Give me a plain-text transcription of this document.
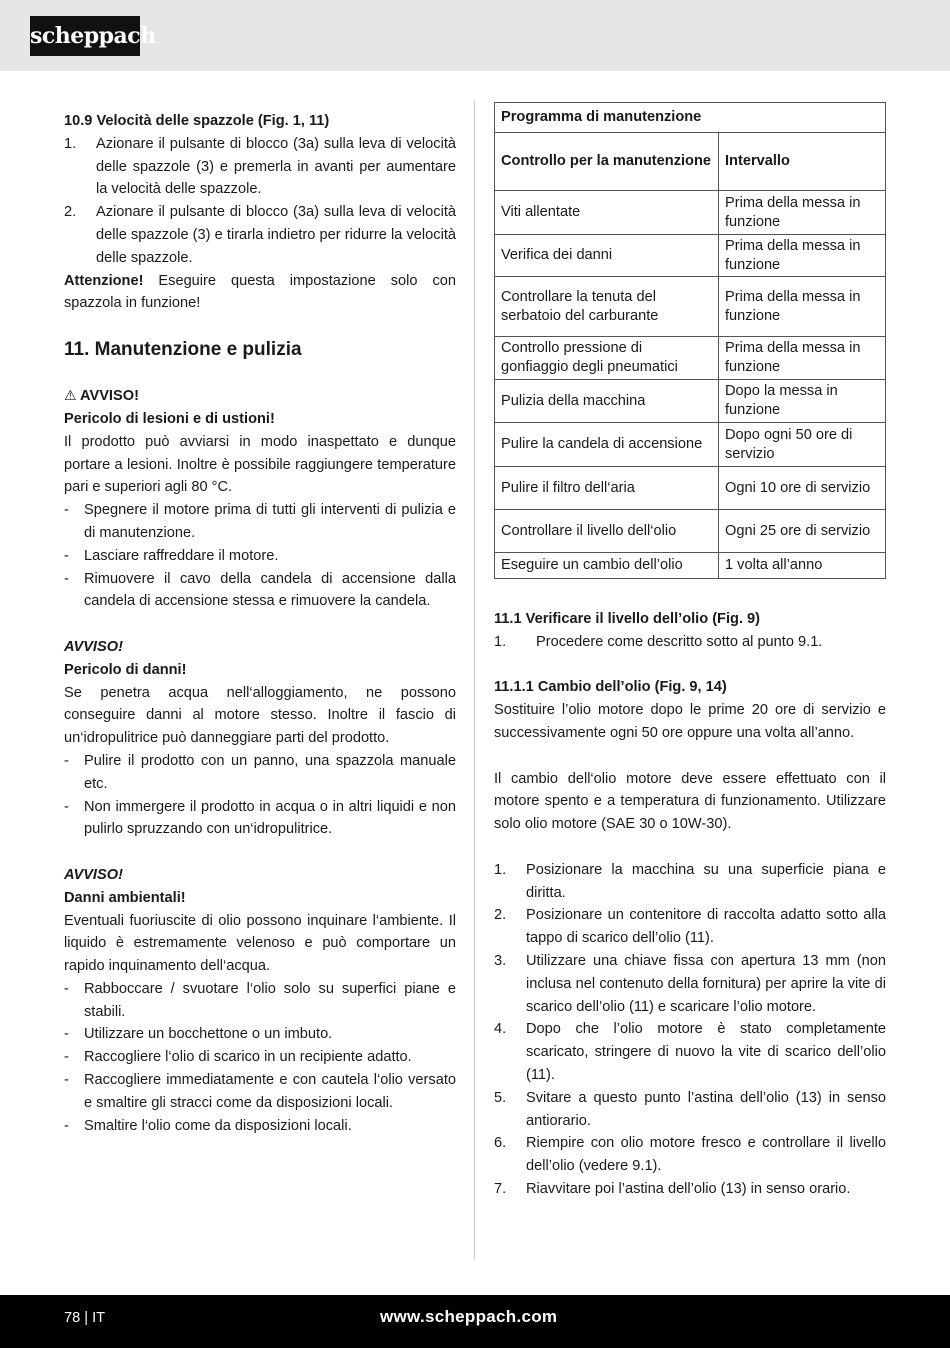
scheppach

10.9 Velocità delle spazzole (Fig. 1, 11)

1.	Azionare il pulsante di blocco (3a) sulla leva di velocità delle spazzole (3) e premerla in avanti per aumentare la velocità delle spazzole.
2.	Azionare il pulsante di blocco (3a) sulla leva di velocità delle spazzole (3) e tirarla indietro per ridurre la velocità delle spazzole.

Attenzione! Eseguire questa impostazione solo con spazzola in funzione!

11. Manutenzione e pulizia

⚠ AVVISO!

Pericolo di lesioni e di ustioni!

Il prodotto può avviarsi in modo inaspettato e dunque portare a lesioni. Inoltre è possibile raggiungere temperature pari e superiori agli 80 °C.

-	Spegnere il motore prima di tutti gli interventi di pulizia e di manutenzione.
-	Lasciare raffreddare il motore.
-	Rimuovere il cavo della candela di accensione dalla candela di accensione stessa e rimuovere la candela.

AVVISO!

Pericolo di danni!

Se penetra acqua nell‘alloggiamento, ne possono conseguire danni al motore stesso. Inoltre il fascio di un‘idropulitrice può danneggiare parti del prodotto.

-	Pulire il prodotto con un panno, una spazzola manuale etc.
-	Non immergere il prodotto in acqua o in altri liquidi e non pulirlo spruzzando con un‘idropulitrice.

AVVISO!

Danni ambientali!

Eventuali fuoriuscite di olio possono inquinare l‘ambiente. Il liquido è estremamente velenoso e può comportare un rapido inquinamento dell‘acqua.

-	Rabboccare / svuotare l‘olio solo su superfici piane e stabili.
-	Utilizzare un bocchettone o un imbuto.
-	Raccogliere l‘olio di scarico in un recipiente adatto.
-	Raccogliere immediatamente e con cautela l‘olio versato e smaltire gli stracci come da disposizioni locali.
-	Smaltire l‘olio come da disposizioni locali.
Programma di manutenzione	
Controllo per la manutenzione	Intervallo
Viti allentate	Prima della messa in funzione
Verifica dei danni	Prima della messa in funzione
Controllare la tenuta del serbatoio del carburante	Prima della messa in funzione
Controllo pressione di gonfiaggio degli pneumatici	Prima della messa in funzione
Pulizia della macchina	Dopo la messa in funzione
Pulire la candela di accensione	Dopo ogni 50 ore di servizio
Pulire il filtro dell‘aria	Ogni 10 ore di servizio
Controllare il livello dell‘olio	Ogni 25 ore di servizio
Eseguire un cambio dell’olio	1 volta all’anno

11.1 Verificare il livello dell’olio (Fig. 9)

1.	Procedere come descritto sotto al punto 9.1.

11.1.1 Cambio dell’olio (Fig. 9, 14)

Sostituire l’olio motore dopo le prime 20 ore di servizio e successivamente ogni 50 ore oppure una volta all’anno.

Il cambio dell‘olio motore deve essere effettuato con il motore spento e a temperatura di funzionamento. Utilizzare solo olio motore (SAE 30 o 10W-30).

1.	Posizionare la macchina su una superficie piana e diritta.
2.	Posizionare un contenitore di raccolta adatto sotto alla tappo di scarico dell’olio (11).
3.	Utilizzare una chiave fissa con apertura 13 mm (non inclusa nel contenuto della fornitura) per aprire la vite di scarico dell’olio (11) e scaricare l’olio motore.
4.	Dopo che l’olio motore è stato completamente scaricato, stringere di nuovo la vite di scarico dell’olio (11).
5.	Svitare a questo punto l’astina dell’olio (13) in senso antiorario.
6.	Riempire con olio motore fresco e controllare il livello dell’olio (vedere 9.1).
7.	Riavvitare poi l’astina dell’olio (13) in senso orario.
78 | IT	www.scheppach.com
